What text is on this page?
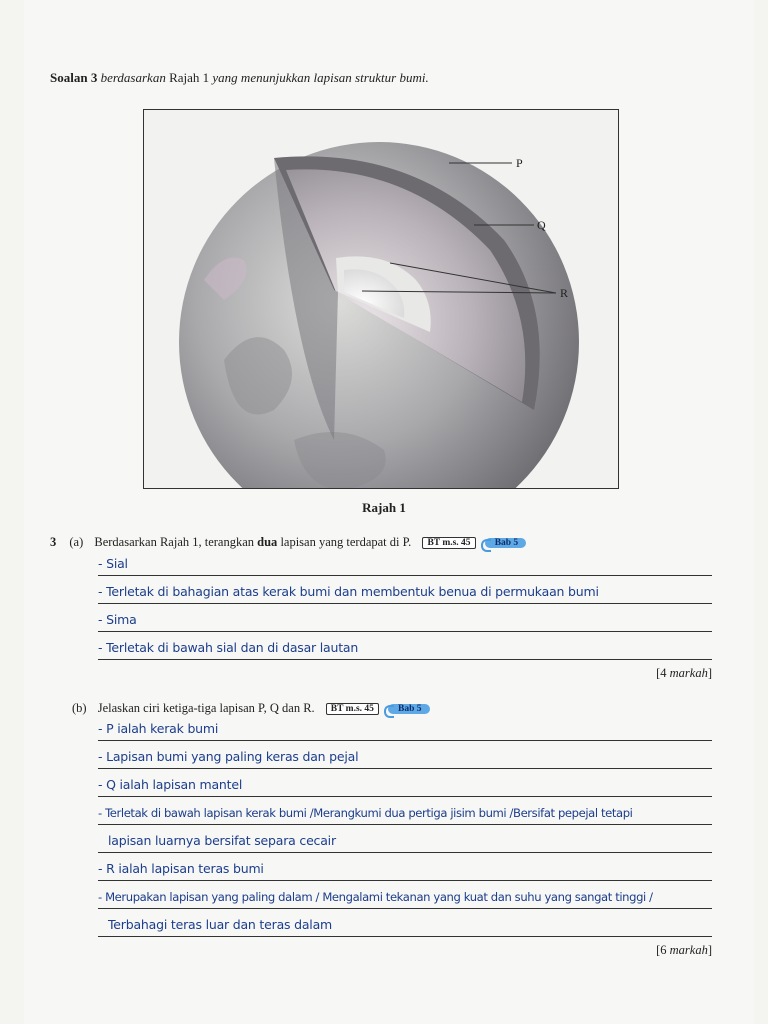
Soalan 3 berdasarkan Rajah 1 yang menunjukkan lapisan struktur bumi.
P
Q
R
Rajah 1
3 (a) Berdasarkan Rajah 1, terangkan dua lapisan yang terdapat di P. BT m.s. 45	Bab 5
- Sial
- Terletak di bahagian atas kerak bumi dan membentuk benua di permukaan bumi
- Sima
- Terletak di bawah sial dan di dasar lautan
[4 markah]
(b) Jelaskan ciri ketiga-tiga lapisan P, Q dan R. BT m.s. 45	Bab 5
- P ialah kerak bumi
- Lapisan bumi yang paling keras dan pejal
- Q ialah lapisan mantel
- Terletak di bawah lapisan kerak bumi /Merangkumi dua pertiga jisim bumi /Bersifat pepejal tetapi
lapisan luarnya bersifat separa cecair
- R ialah lapisan teras bumi
- Merupakan lapisan yang paling dalam / Mengalami tekanan yang kuat dan suhu yang sangat tinggi /
Terbahagi teras luar dan teras dalam
[6 markah]
